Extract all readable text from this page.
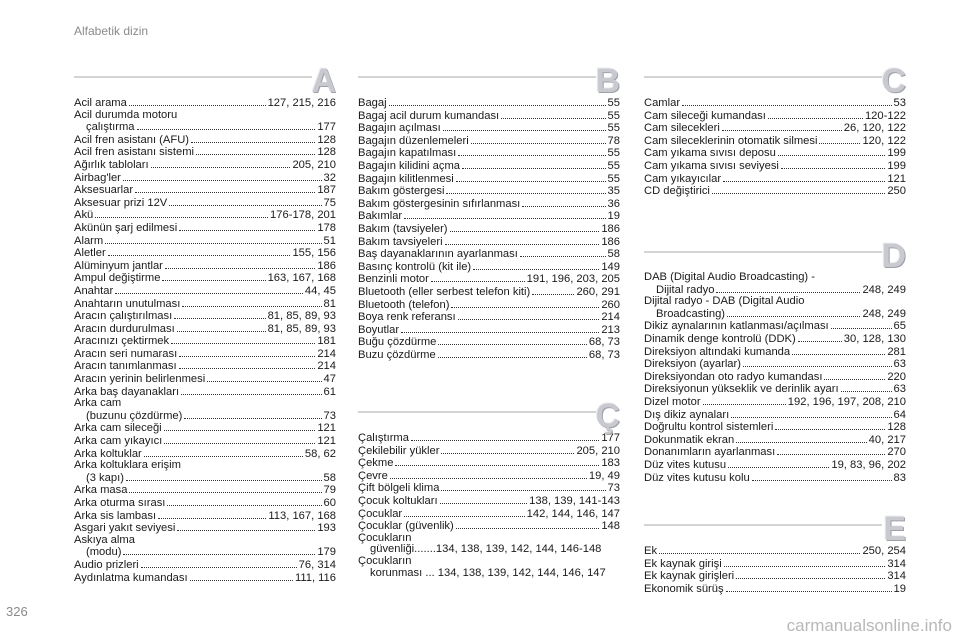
Alfabetik dizin
A
Acil arama	127, 215, 216
Acil durumda motoru
çalıştırma	177
Acil fren asistanı (AFU)	128
Acil fren asistanı sistemi	128
Ağırlık tabloları	205, 210
Airbag'ler	32
Aksesuarlar	187
Aksesuar prizi 12V	75
Akü	176-178, 201
Akünün şarj edilmesi	178
Alarm	51
Aletler	155, 156
Alüminyum jantlar	186
Ampul değiştirme	163, 167, 168
Anahtar	44, 45
Anahtarın unutulması	81
Aracın çalıştırılması	81, 85, 89, 93
Aracın durdurulması	81, 85, 89, 93
Aracınızı çektirmek	181
Aracın seri numarası	214
Aracın tanımlanması	214
Aracın yerinin belirlenmesi	47
Arka baş dayanakları	61
Arka cam
(buzunu çözdürme)	73
Arka cam sileceği	121
Arka cam yıkayıcı	121
Arka koltuklar	58, 62
Arka koltuklara erişim
(3 kapı)	58
Arka masa	79
Arka oturma sırası	60
Arka sis lambası	113, 167, 168
Asgari yakıt seviyesi	193
Askıya alma
(modu)	179
Audio prizleri	76, 314
Aydınlatma kumandası	111, 116
B
Bagaj	55
Bagaj acil durum kumandası	55
Bagajın açılması	55
Bagajın düzenlemeleri	78
Bagajın kapatılması	55
Bagajın kilidini açma	55
Bagajın kilitlenmesi	55
Bakım göstergesi	35
Bakım göstergesinin sıfırlanması	36
Bakımlar	19
Bakım (tavsiyeler)	186
Bakım tavsiyeleri	186
Baş dayanaklarının ayarlanması	58
Basınç kontrolü (kit ile)	149
Benzinli motor	191, 196, 203, 205
Bluetooth (eller serbest telefon kiti)	260, 291
Bluetooth (telefon)	260
Boya renk referansı	214
Boyutlar	213
Buğu çözdürme	68, 73
Buzu çözdürme	68, 73
C
Camlar	53
Cam sileceği kumandası	120-122
Cam silecekleri	26, 120, 122
Cam sileceklerinin otomatik silmesi	120, 122
Cam yıkama sıvısı deposu	199
Cam yıkama sıvısı seviyesi	199
Cam yıkayıcılar	121
CD değiştirici	250
Ç
Çalıştırma	177
Çekilebilir yükler	205, 210
Çekme	183
Çevre	19, 49
Çift bölgeli klima	73
Çocuk koltukları	138, 139, 141-143
Çocuklar	142, 144, 146, 147
Çocuklar (güvenlik)	148
Çocukların
güvenliği.......134, 138, 139, 142, 144, 146-148
Çocukların
korunması ... 134, 138, 139, 142, 144, 146, 147
D
DAB (Digital Audio Broadcasting) -
Dijital radyo	248, 249
Dijital radyo - DAB (Digital Audio
Broadcasting)	248, 249
Dikiz aynalarının katlanması/açılması	65
Dinamik denge kontrolü (DDK)	30, 128, 130
Direksiyon altındaki kumanda	281
Direksiyon (ayarlar)	63
Direksiyondan oto radyo kumandası	220
Direksiyonun yükseklik ve derinlik ayarı	63
Dizel motor	192, 196, 197, 208, 210
Dış dikiz aynaları	64
Doğrultu kontrol sistemleri	128
Dokunmatik ekran	40, 217
Donanımların ayarlanması	270
Düz vites kutusu	19, 83, 96, 202
Düz vites kutusu kolu	83
E
Ek	250, 254
Ek kaynak girişi	314
Ek kaynak girişleri	314
Ekonomik sürüş	19
326
carmanualsonline.info
